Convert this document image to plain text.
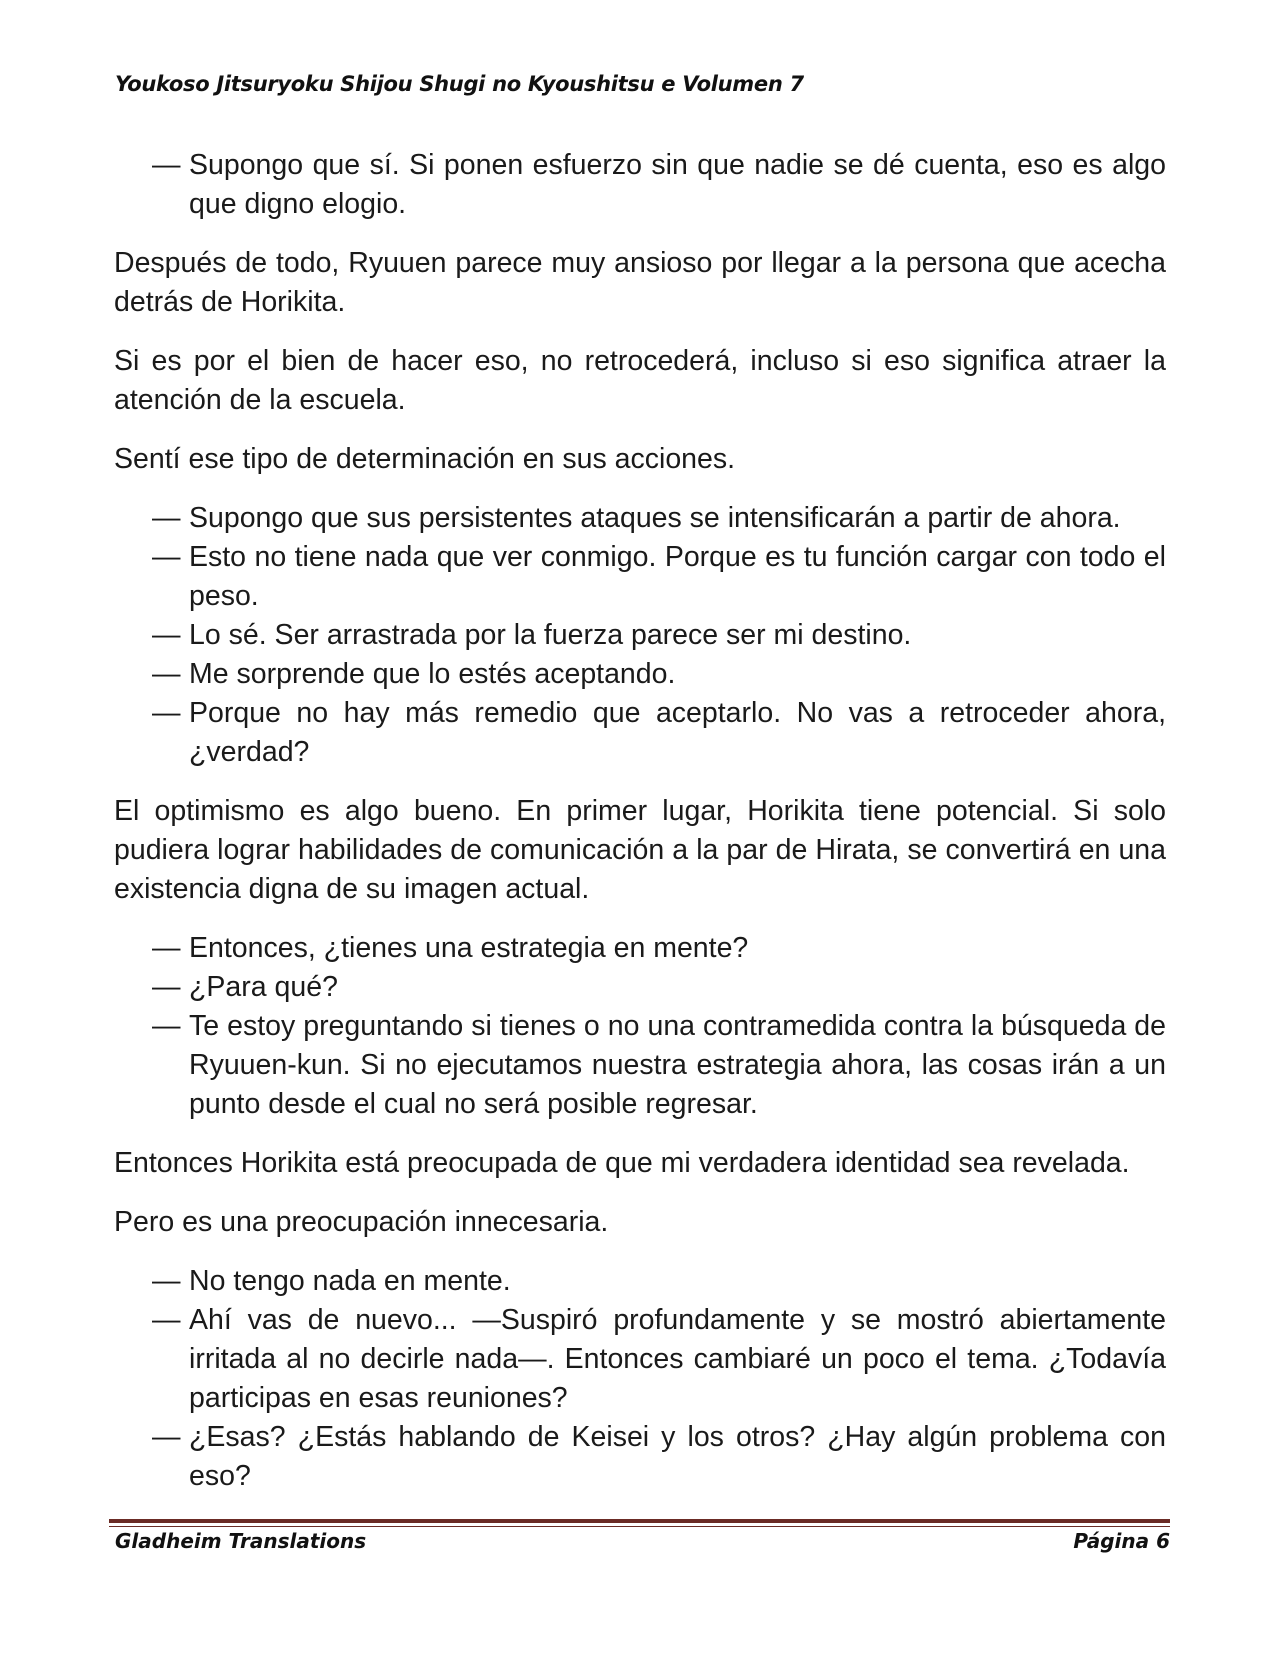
Youkoso Jitsuryoku Shijou Shugi no Kyoushitsu e Volumen 7
— Supongo que sí. Si ponen esfuerzo sin que nadie se dé cuenta, eso es algo que digno elogio.

Después de todo, Ryuuen parece muy ansioso por llegar a la persona que acecha detrás de Horikita.

Si es por el bien de hacer eso, no retrocederá, incluso si eso significa atraer la atención de la escuela.

Sentí ese tipo de determinación en sus acciones.

— Supongo que sus persistentes ataques se intensificarán a partir de ahora.
— Esto no tiene nada que ver conmigo. Porque es tu función cargar con todo el peso.
— Lo sé. Ser arrastrada por la fuerza parece ser mi destino.
— Me sorprende que lo estés aceptando.
— Porque no hay más remedio que aceptarlo. No vas a retroceder ahora, ¿verdad?

El optimismo es algo bueno. En primer lugar, Horikita tiene potencial. Si solo pudiera lograr habilidades de comunicación a la par de Hirata, se convertirá en una existencia digna de su imagen actual.

— Entonces, ¿tienes una estrategia en mente?
— ¿Para qué?
— Te estoy preguntando si tienes o no una contramedida contra la búsqueda de Ryuuen-kun. Si no ejecutamos nuestra estrategia ahora, las cosas irán a un punto desde el cual no será posible regresar.

Entonces Horikita está preocupada de que mi verdadera identidad sea revelada.

Pero es una preocupación innecesaria.

— No tengo nada en mente.
— Ahí vas de nuevo... —Suspiró profundamente y se mostró abiertamente irritada al no decirle nada—. Entonces cambiaré un poco el tema. ¿Todavía participas en esas reuniones?
— ¿Esas? ¿Estás hablando de Keisei y los otros? ¿Hay algún problema con eso?
Gladheim Translations	Página 6
